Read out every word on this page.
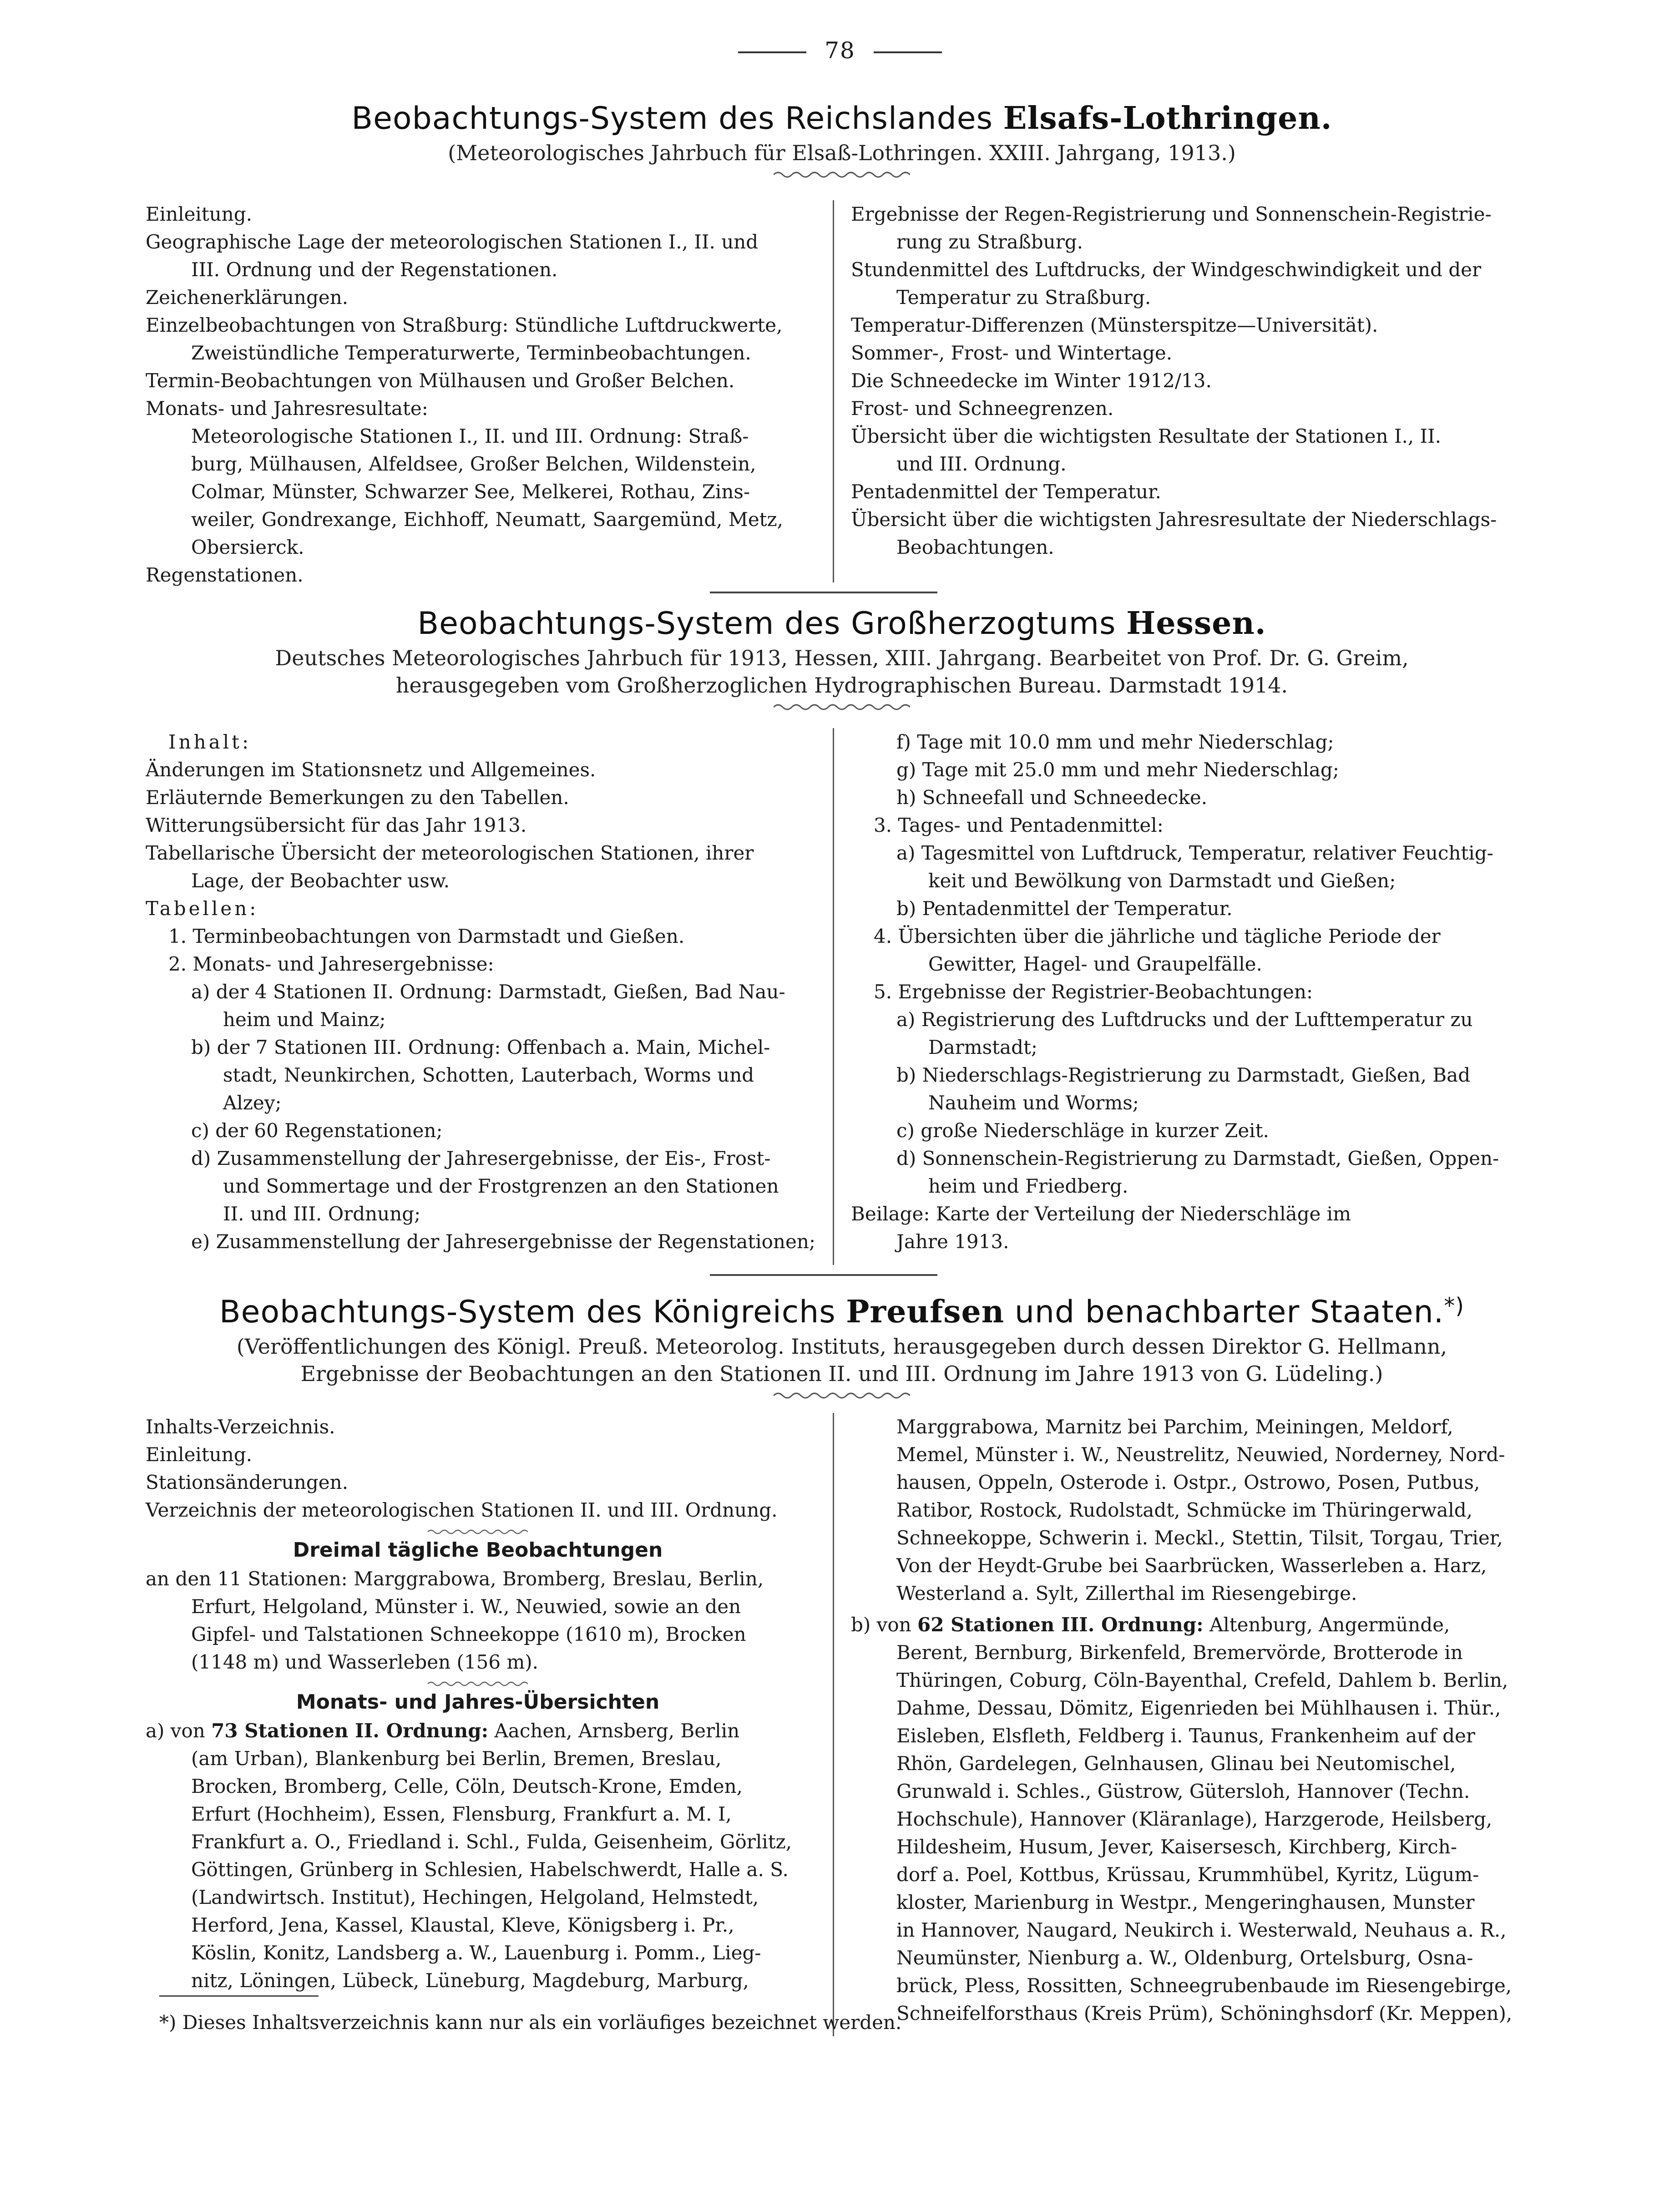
78
Beobachtungs-System des Reichslandes Elsafs-Lothringen.
(Meteorologisches Jahrbuch für Elsaß-Lothringen. XXIII. Jahrgang, 1913.)
Einleitung.
Geographische Lage der meteorologischen Stationen I., II. und
III. Ordnung und der Regenstationen.
Zeichenerklärungen.
Einzelbeobachtungen von Straßburg: Stündliche Luftdruckwerte,
Zweistündliche Temperaturwerte, Terminbeobachtungen.
Termin-Beobachtungen von Mülhausen und Großer Belchen.
Monats- und Jahresresultate:
Meteorologische Stationen I., II. und III. Ordnung: Straß-
burg, Mülhausen, Alfeldsee, Großer Belchen, Wildenstein,
Colmar, Münster, Schwarzer See, Melkerei, Rothau, Zins-
weiler, Gondrexange, Eichhoff, Neumatt, Saargemünd, Metz,
Obersierck.
Regenstationen.
Ergebnisse der Regen-Registrierung und Sonnenschein-Registrie-
rung zu Straßburg.
Stundenmittel des Luftdrucks, der Windgeschwindigkeit und der
Temperatur zu Straßburg.
Temperatur-Differenzen (Münsterspitze—Universität).
Sommer-, Frost- und Wintertage.
Die Schneedecke im Winter 1912/13.
Frost- und Schneegrenzen.
Übersicht über die wichtigsten Resultate der Stationen I., II.
und III. Ordnung.
Pentadenmittel der Temperatur.
Übersicht über die wichtigsten Jahresresultate der Niederschlags-
Beobachtungen.
Beobachtungs-System des Großherzogtums Hessen.
Deutsches Meteorologisches Jahrbuch für 1913, Hessen, XIII. Jahrgang. Bearbeitet von Prof. Dr. G. Greim,
herausgegeben vom Großherzoglichen Hydrographischen Bureau. Darmstadt 1914.
Inhalt:
Änderungen im Stationsnetz und Allgemeines.
Erläuternde Bemerkungen zu den Tabellen.
Witterungsübersicht für das Jahr 1913.
Tabellarische Übersicht der meteorologischen Stationen, ihrer
Lage, der Beobachter usw.
Tabellen:
1. Terminbeobachtungen von Darmstadt und Gießen.
2. Monats- und Jahresergebnisse:
a) der 4 Stationen II. Ordnung: Darmstadt, Gießen, Bad Nau-
heim und Mainz;
b) der 7 Stationen III. Ordnung: Offenbach a. Main, Michel-
stadt, Neunkirchen, Schotten, Lauterbach, Worms und
Alzey;
c) der 60 Regenstationen;
d) Zusammenstellung der Jahresergebnisse, der Eis-, Frost-
und Sommertage und der Frostgrenzen an den Stationen
II. und III. Ordnung;
e) Zusammenstellung der Jahresergebnisse der Regenstationen;
f) Tage mit 10.0 mm und mehr Niederschlag;
g) Tage mit 25.0 mm und mehr Niederschlag;
h) Schneefall und Schneedecke.
3. Tages- und Pentadenmittel:
a) Tagesmittel von Luftdruck, Temperatur, relativer Feuchtig-
keit und Bewölkung von Darmstadt und Gießen;
b) Pentadenmittel der Temperatur.
4. Übersichten über die jährliche und tägliche Periode der
Gewitter, Hagel- und Graupelfälle.
5. Ergebnisse der Registrier-Beobachtungen:
a) Registrierung des Luftdrucks und der Lufttemperatur zu
Darmstadt;
b) Niederschlags-Registrierung zu Darmstadt, Gießen, Bad
Nauheim und Worms;
c) große Niederschläge in kurzer Zeit.
d) Sonnenschein-Registrierung zu Darmstadt, Gießen, Oppen-
heim und Friedberg.
Beilage: Karte der Verteilung der Niederschläge im
Jahre 1913.
Beobachtungs-System des Königreichs Preufsen und benachbarter Staaten.*)
(Veröffentlichungen des Königl. Preuß. Meteorolog. Instituts, herausgegeben durch dessen Direktor G. Hellmann,
Ergebnisse der Beobachtungen an den Stationen II. und III. Ordnung im Jahre 1913 von G. Lüdeling.)
Inhalts-Verzeichnis.
Einleitung.
Stationsänderungen.
Verzeichnis der meteorologischen Stationen II. und III. Ordnung.
Dreimal tägliche Beobachtungen
an den 11 Stationen: Marggrabowa, Bromberg, Breslau, Berlin,
Erfurt, Helgoland, Münster i. W., Neuwied, sowie an den
Gipfel- und Talstationen Schneekoppe (1610 m), Brocken
(1148 m) und Wasserleben (156 m).
Monats- und Jahres-Übersichten
a) von 73 Stationen II. Ordnung: Aachen, Arnsberg, Berlin
(am Urban), Blankenburg bei Berlin, Bremen, Breslau,
Brocken, Bromberg, Celle, Cöln, Deutsch-Krone, Emden,
Erfurt (Hochheim), Essen, Flensburg, Frankfurt a. M. I,
Frankfurt a. O., Friedland i. Schl., Fulda, Geisenheim, Görlitz,
Göttingen, Grünberg in Schlesien, Habelschwerdt, Halle a. S.
(Landwirtsch. Institut), Hechingen, Helgoland, Helmstedt,
Herford, Jena, Kassel, Klaustal, Kleve, Königsberg i. Pr.,
Köslin, Konitz, Landsberg a. W., Lauenburg i. Pomm., Lieg-
nitz, Löningen, Lübeck, Lüneburg, Magdeburg, Marburg,
Marggrabowa, Marnitz bei Parchim, Meiningen, Meldorf,
Memel, Münster i. W., Neustrelitz, Neuwied, Norderney, Nord-
hausen, Oppeln, Osterode i. Ostpr., Ostrowo, Posen, Putbus,
Ratibor, Rostock, Rudolstadt, Schmücke im Thüringerwald,
Schneekoppe, Schwerin i. Meckl., Stettin, Tilsit, Torgau, Trier,
Von der Heydt-Grube bei Saarbrücken, Wasserleben a. Harz,
Westerland a. Sylt, Zillerthal im Riesengebirge.
b) von 62 Stationen III. Ordnung: Altenburg, Angermünde,
Berent, Bernburg, Birkenfeld, Bremervörde, Brotterode in
Thüringen, Coburg, Cöln-Bayenthal, Crefeld, Dahlem b. Berlin,
Dahme, Dessau, Dömitz, Eigenrieden bei Mühlhausen i. Thür.,
Eisleben, Elsfleth, Feldberg i. Taunus, Frankenheim auf der
Rhön, Gardelegen, Gelnhausen, Glinau bei Neutomischel,
Grunwald i. Schles., Güstrow, Gütersloh, Hannover (Techn.
Hochschule), Hannover (Kläranlage), Harzgerode, Heilsberg,
Hildesheim, Husum, Jever, Kaisersesch, Kirchberg, Kirch-
dorf a. Poel, Kottbus, Krüssau, Krummhübel, Kyritz, Lügum-
kloster, Marienburg in Westpr., Mengeringhausen, Munster
in Hannover, Naugard, Neukirch i. Westerwald, Neuhaus a. R.,
Neumünster, Nienburg a. W., Oldenburg, Ortelsburg, Osna-
brück, Pless, Rossitten, Schneegrubenbaude im Riesengebirge,
Schneifelforsthaus (Kreis Prüm), Schöninghsdorf (Kr. Meppen),
*) Dieses Inhaltsverzeichnis kann nur als ein vorläufiges bezeichnet werden.
